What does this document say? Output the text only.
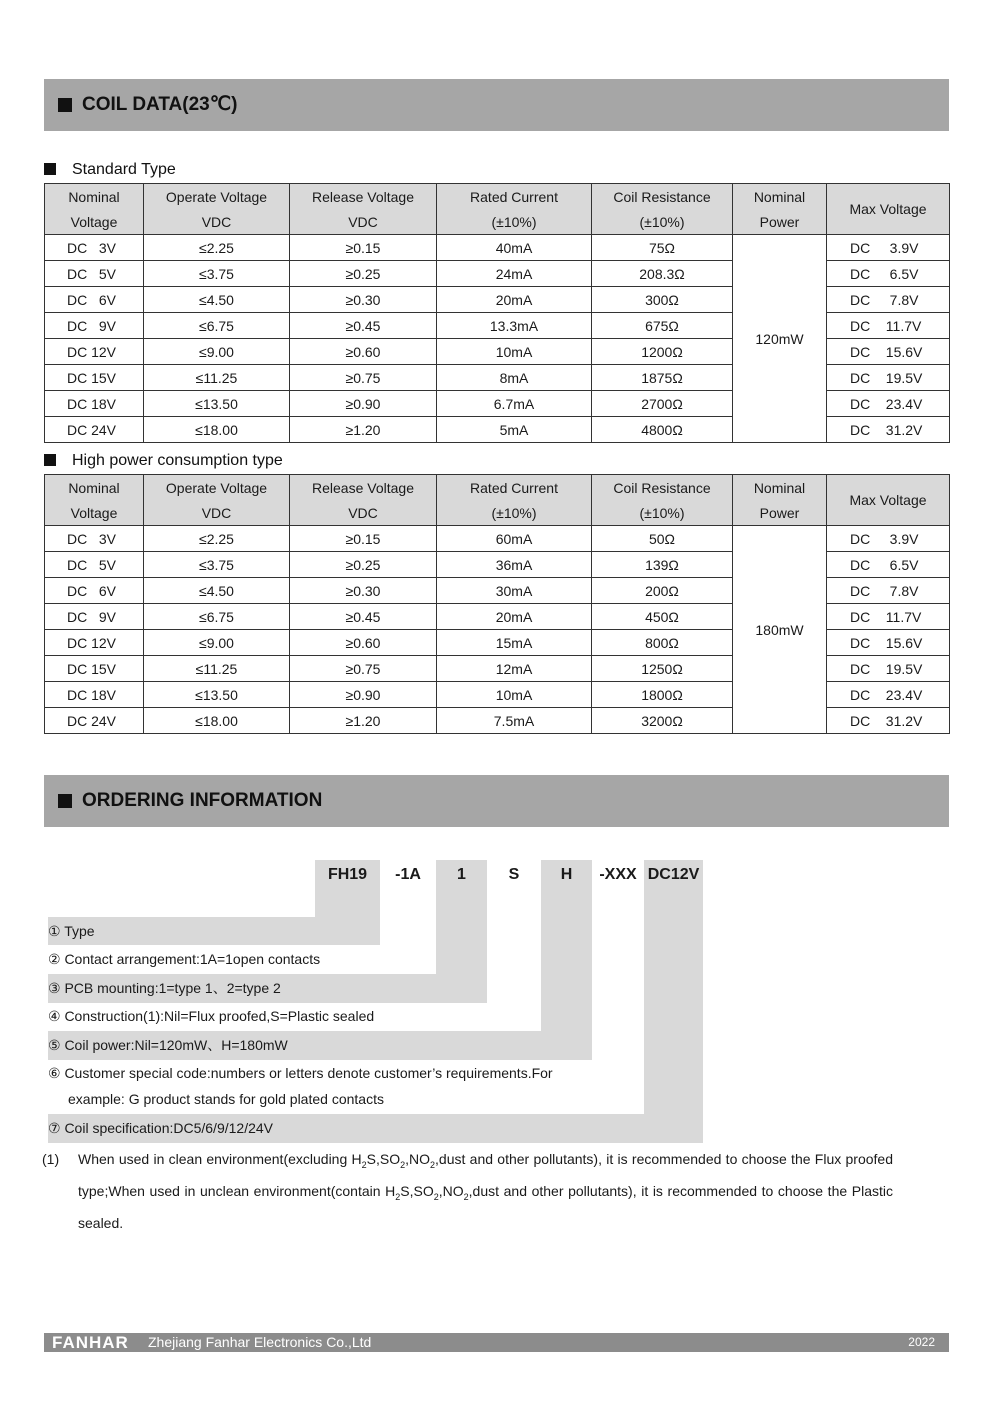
COIL DATA(23℃)
Standard Type
Nominal	Operate Voltage	Release Voltage	Rated Current	Coil Resistance	Nominal	Max Voltage
Voltage	VDC	VDC	(±10%)	(±10%)	Power	
DC   3V	≤2.25	≥0.15	40mA	75Ω	120mW	DC     3.9V
DC   5V	≤3.75	≥0.25	24mA	208.3Ω		DC     6.5V
DC   6V	≤4.50	≥0.30	20mA	300Ω		DC     7.8V
DC   9V	≤6.75	≥0.45	13.3mA	675Ω		DC    11.7V
DC 12V	≤9.00	≥0.60	10mA	1200Ω		DC    15.6V
DC 15V	≤11.25	≥0.75	8mA	1875Ω		DC    19.5V
DC 18V	≤13.50	≥0.90	6.7mA	2700Ω		DC    23.4V
DC 24V	≤18.00	≥1.20	5mA	4800Ω		DC    31.2V
High power consumption type
Nominal	Operate Voltage	Release Voltage	Rated Current	Coil Resistance	Nominal	Max Voltage
Voltage	VDC	VDC	(±10%)	(±10%)	Power	
DC   3V	≤2.25	≥0.15	60mA	50Ω	180mW	DC     3.9V
DC   5V	≤3.75	≥0.25	36mA	139Ω		DC     6.5V
DC   6V	≤4.50	≥0.30	30mA	200Ω		DC     7.8V
DC   9V	≤6.75	≥0.45	20mA	450Ω		DC    11.7V
DC 12V	≤9.00	≥0.60	15mA	800Ω		DC    15.6V
DC 15V	≤11.25	≥0.75	12mA	1250Ω		DC    19.5V
DC 18V	≤13.50	≥0.90	10mA	1800Ω		DC    23.4V
DC 24V	≤18.00	≥1.20	7.5mA	3200Ω		DC    31.2V
ORDERING INFORMATION
FH19	-1A	1	S	H	-XXX DC12V
① Type
② Contact arrangement:1A=1open contacts
③ PCB mounting:1=type 1、2=type 2
④ Construction(1):Nil=Flux proofed,S=Plastic sealed
⑤ Coil power:Nil=120mW、H=180mW
⑥ Customer special code:numbers or letters denote customer’s requirements.For
example: G product stands for gold plated contacts
⑦ Coil specification:DC5/6/9/12/24V
(1) When used in clean environment(excluding $H_2S,SO_2,NO_2,dust$ and other pollutants), it is recommended to choose the Flux proofed type;When used in unclean environment(contain $H_2S,SO_2,NO_2,dust$ and other pollutants), it is recommended to choose the Plastic sealed.
FANHAR Zhejiang Fanhar Electronics Co.,Ltd	2022
